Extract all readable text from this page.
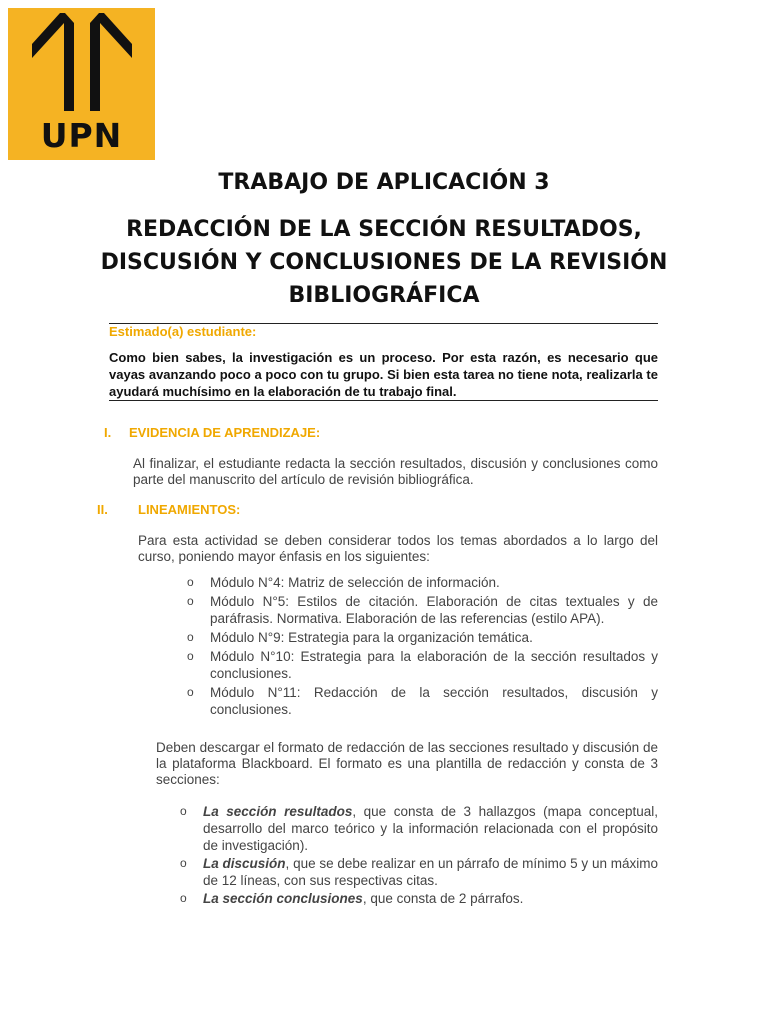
UPN
TRABAJO DE APLICACIÓN 3
REDACCIÓN DE LA SECCIÓN RESULTADOS,
DISCUSIÓN Y CONCLUSIONES DE LA REVISIÓN
BIBLIOGRÁFICA
Estimado(a) estudiante:
Como bien sabes, la investigación es un proceso. Por esta razón, es necesario que vayas avanzando poco a poco con tu grupo. Si bien esta tarea no tiene nota, realizarla te ayudará muchísimo en la elaboración de tu trabajo final.
I. EVIDENCIA DE APRENDIZAJE:
Al finalizar, el estudiante redacta la sección resultados, discusión y conclusiones como parte del manuscrito del artículo de revisión bibliográfica.
II. LINEAMIENTOS:
Para esta actividad se deben considerar todos los temas abordados a lo largo del curso, poniendo mayor énfasis en los siguientes:
o Módulo N°4: Matriz de selección de información.
o Módulo N°5: Estilos de citación. Elaboración de citas textuales y de paráfrasis. Normativa. Elaboración de las referencias (estilo APA).
o Módulo N°9: Estrategia para la organización temática.
o Módulo N°10: Estrategia para la elaboración de la sección resultados y conclusiones.
o Módulo N°11: Redacción de la sección resultados, discusión y conclusiones.
Deben descargar el formato de redacción de las secciones resultado y discusión de la plataforma Blackboard. El formato es una plantilla de redacción y consta de 3 secciones:
o La sección resultados, que consta de 3 hallazgos (mapa conceptual, desarrollo del marco teórico y la información relacionada con el propósito de investigación).
o La discusión, que se debe realizar en un párrafo de mínimo 5 y un máximo de 12 líneas, con sus respectivas citas.
o La sección conclusiones, que consta de 2 párrafos.
